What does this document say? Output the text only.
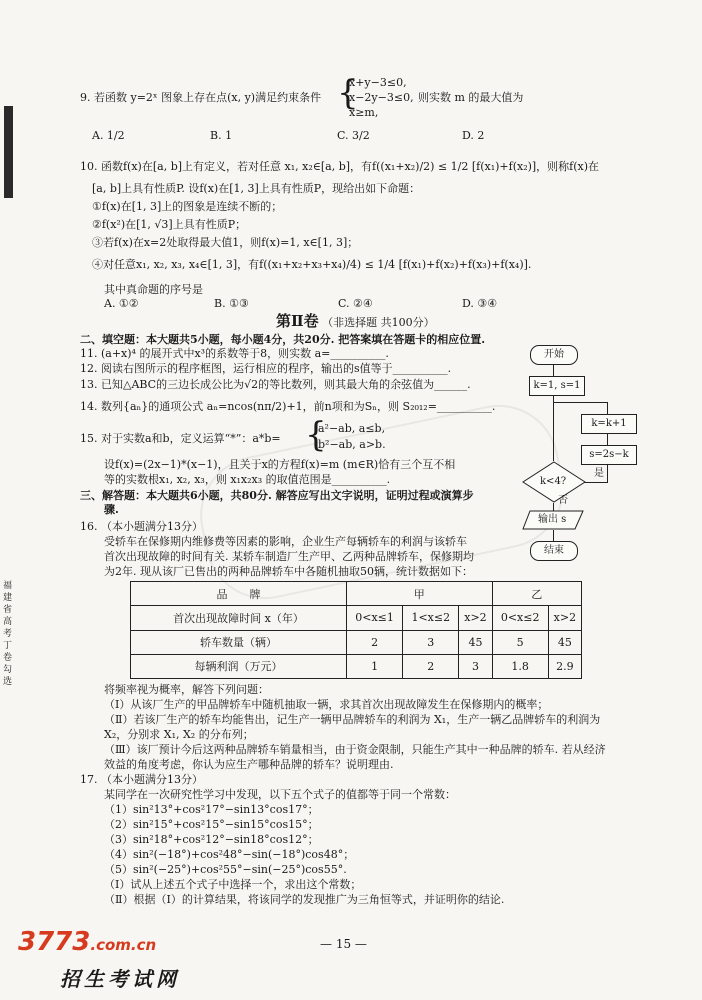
福建省高考丁卷 勾选
9. 若函数 y=2ˣ 图象上存在点(x, y)满足约束条件 {
x+y−3≤0,
x−2y−3≤0,
x≥m,
则实数 m 的最大值为
A. 1/2	B. 1	C. 3/2	D. 2
10. 函数f(x)在[a, b]上有定义，若对任意 x₁, x₂∈[a, b]，有f((x₁+x₂)/2) ≤ 1/2 [f(x₁)+f(x₂)]，则称f(x)在
[a, b]上具有性质P. 设f(x)在[1, 3]上具有性质P，现给出如下命题：
①f(x)在[1, 3]上的图象是连续不断的；
②f(x²)在[1, √3]上具有性质P；
③若f(x)在x=2处取得最大值1，则f(x)=1, x∈[1, 3]；
④对任意x₁, x₂, x₃, x₄∈[1, 3]，有f((x₁+x₂+x₃+x₄)/4) ≤ 1/4 [f(x₁)+f(x₂)+f(x₃)+f(x₄)].
其中真命题的序号是
A. ①②	B. ①③	C. ②④	D. ③④
第Ⅱ卷 （非选择题 共100分）
二、填空题：本大题共5小题，每小题4分，共20分. 把答案填在答题卡的相应位置.
11. (a+x)⁴ 的展开式中x³的系数等于8，则实数 a=__________.
12. 阅读右图所示的程序框图，运行相应的程序，输出的s值等于__________.
13. 已知△ABC的三边长成公比为√2的等比数列，则其最大角的余弦值为______.
14. 数列{aₙ}的通项公式 aₙ=ncos(nπ/2)+1，前n项和为Sₙ，则 S₂₀₁₂=__________.
15. 对于实数a和b，定义运算“*”：a*b= {
a²−ab, a≤b,
b²−ab, a>b.
设f(x)=(2x−1)*(x−1)，且关于x的方程f(x)=m (m∈R)恰有三个互不相
等的实数根x₁, x₂, x₃，则 x₁x₂x₃ 的取值范围是__________.
三、解答题：本大题共6小题，共80分. 解答应写出文字说明，证明过程或演算步
骤.
16. （本小题满分13分）
受轿车在保修期内维修费等因素的影响，企业生产每辆轿车的利润与该轿车
首次出现故障的时间有关. 某轿车制造厂生产甲、乙两种品牌轿车，保修期均
为2年. 现从该厂已售出的两种品牌轿车中各随机抽取50辆，统计数据如下：
品　　牌	甲			乙	
首次出现故障时间 x（年）	0<x≤1	1<x≤2	x>2	0<x≤2	x>2
轿车数量（辆）	2	3	45	5	45
每辆利润（万元）	1	2	3	1.8	2.9
将频率视为概率，解答下列问题：
（Ⅰ）从该厂生产的甲品牌轿车中随机抽取一辆，求其首次出现故障发生在保修期内的概率；
（Ⅱ）若该厂生产的轿车均能售出，记生产一辆甲品牌轿车的利润为 X₁，生产一辆乙品牌轿车的利润为
X₂，分别求 X₁, X₂ 的分布列；
（Ⅲ）该厂预计今后这两种品牌轿车销量相当，由于资金限制，只能生产其中一种品牌的轿车. 若从经济
效益的角度考虑，你认为应生产哪种品牌的轿车？说明理由.
17. （本小题满分13分）
某同学在一次研究性学习中发现，以下五个式子的值都等于同一个常数：
（1）sin²13°+cos²17°−sin13°cos17°；
（2）sin²15°+cos²15°−sin15°cos15°；
（3）sin²18°+cos²12°−sin18°cos12°；
（4）sin²(−18°)+cos²48°−sin(−18°)cos48°；
（5）sin²(−25°)+cos²55°−sin(−25°)cos55°.
（Ⅰ）试从上述五个式子中选择一个，求出这个常数；
（Ⅱ）根据（Ⅰ）的计算结果，将该同学的发现推广为三角恒等式，并证明你的结论.
开始
k=1, s=1
k=k+1
s=2s−k
是
k<4?
否
输出 s
结束
— 15 —
3773.com.cn
招生考试网
